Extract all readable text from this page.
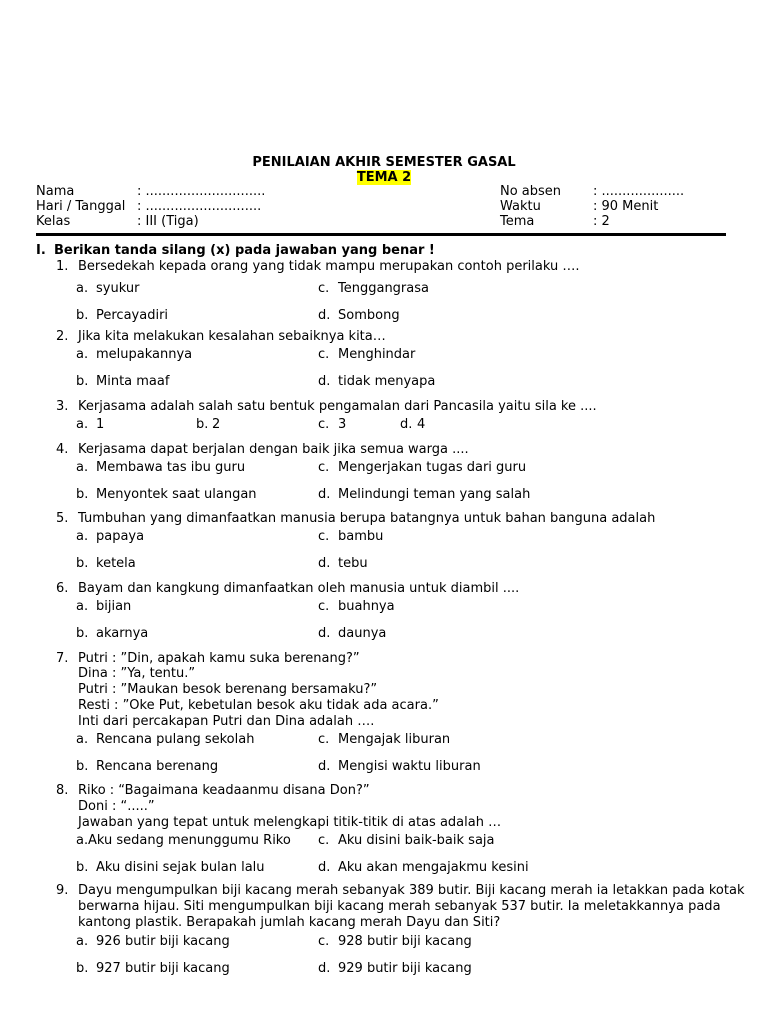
PENILAIAN AKHIR SEMESTER GASAL
TEMA 2
Nama	: .............................
Hari / Tanggal : ............................
Kelas	: III (Tiga)
No absen : ....................
Waktu	: 90 Menit
Tema	: 2
I. Berikan tanda silang (x) pada jawaban yang benar !
1. Bersedekah kepada orang yang tidak mampu merupakan contoh perilaku ….
a. syukur	c. Tenggangrasa
b. Percayadiri	d. Sombong
2. Jika kita melakukan kesalahan sebaiknya kita…
a. melupakannya	c. Menghindar
b. Minta maaf	d. tidak menyapa
3. Kerjasama adalah salah satu bentuk pengamalan dari Pancasila yaitu sila ke ....
a. 1	b. 2	c. 3	d. 4
4. Kerjasama dapat berjalan dengan baik jika semua warga ....
a. Membawa tas ibu guru	c. Mengerjakan tugas dari guru
b. Menyontek saat ulangan	d. Melindungi teman yang salah
5. Tumbuhan yang dimanfaatkan manusia berupa batangnya untuk bahan banguna adalah
a. papaya	c. bambu
b. ketela	d. tebu
6. Bayam dan kangkung dimanfaatkan oleh manusia untuk diambil ....
a. bijian	c. buahnya
b. akarnya	d. daunya
7. Putri : ”Din, apakah kamu suka berenang?”
Dina : ”Ya, tentu.”
Putri : ”Maukan besok berenang bersamaku?”
Resti : ”Oke Put, kebetulan besok aku tidak ada acara.”
Inti dari percakapan Putri dan Dina adalah ….
a. Rencana pulang sekolah	c. Mengajak liburan
b. Rencana berenang	d. Mengisi waktu liburan
8. Riko : “Bagaimana keadaanmu disana Don?”
Doni : “.....”
Jawaban yang tepat untuk melengkapi titik-titik di atas adalah …
a. Aku sedang menunggumu Riko c. Aku disini baik-baik saja
b. Aku disini sejak bulan lalu	d. Aku akan mengajakmu kesini
9. Dayu mengumpulkan biji kacang merah sebanyak 389 butir. Biji kacang merah ia letakkan pada kotak
berwarna hijau. Siti mengumpulkan biji kacang merah sebanyak 537 butir. Ia meletakkannya pada
kantong plastik. Berapakah jumlah kacang merah Dayu dan Siti?
a. 926 butir biji kacang	c. 928 butir biji kacang
b. 927 butir biji kacang	d. 929 butir biji kacang
